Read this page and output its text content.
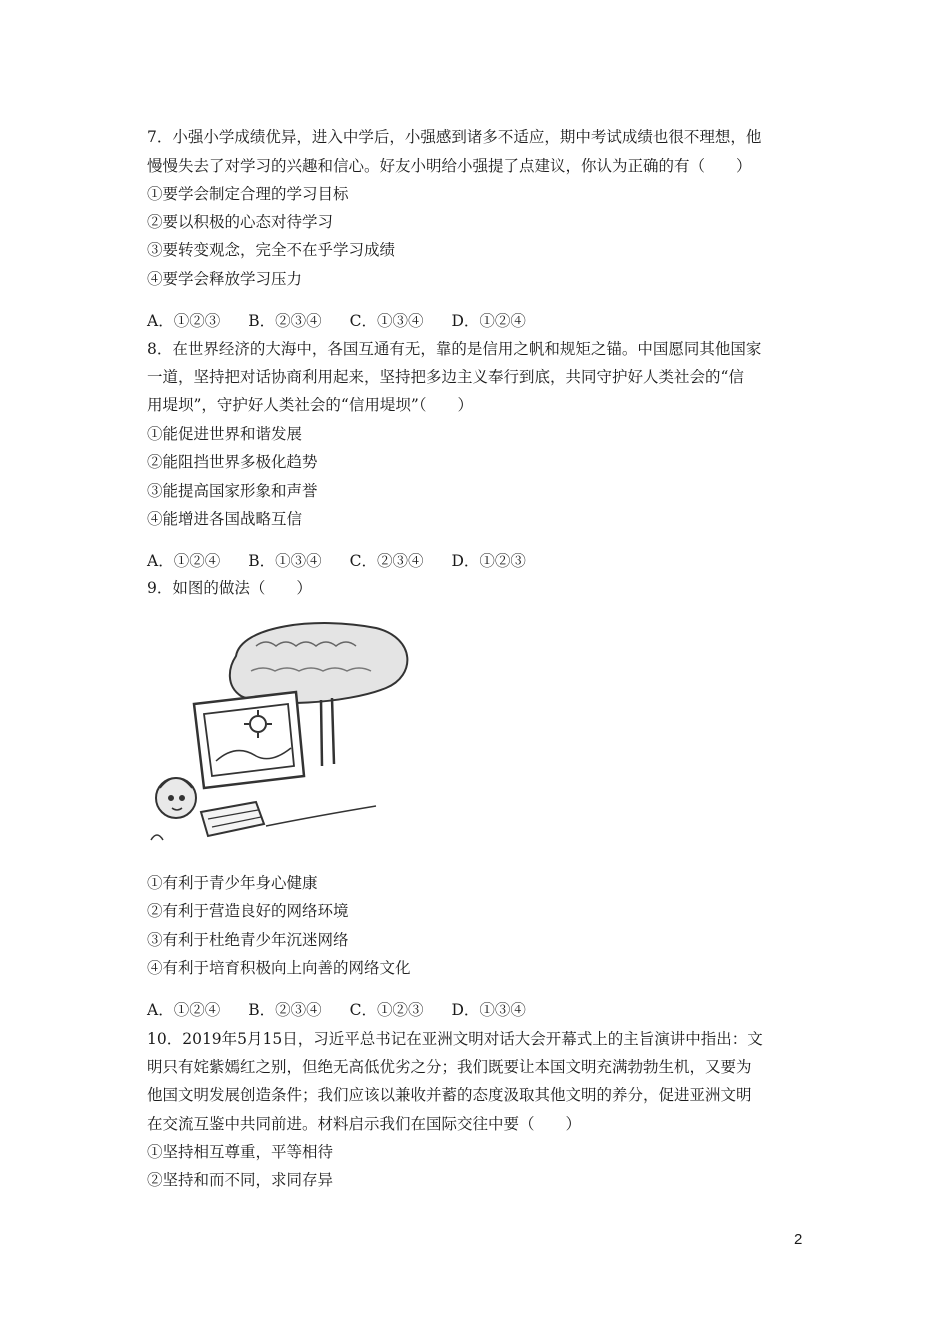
7．小强小学成绩优异，进入中学后，小强感到诸多不适应，期中考试成绩也很不理想，他
慢慢失去了对学习的兴趣和信心。好友小明给小强提了点建议，你认为正确的有（　　）
①要学会制定合理的学习目标
②要以积极的心态对待学习
③要转变观念，完全不在乎学习成绩
④要学会释放学习压力
A．①②③ B．②③④ C．①③④ D．①②④
8．在世界经济的大海中，各国互通有无，靠的是信用之帆和规矩之锚。中国愿同其他国家
一道，坚持把对话协商利用起来，坚持把多边主义奉行到底，共同守护好人类社会的“信
用堤坝”，守护好人类社会的“信用堤坝”（　　）
①能促进世界和谐发展
②能阻挡世界多极化趋势
③能提高国家形象和声誉
④能增进各国战略互信
A．①②④ B．①③④ C．②③④ D．①②③
9．如图的做法（　　）
①有利于青少年身心健康
②有利于营造良好的网络环境
③有利于杜绝青少年沉迷网络
④有利于培育积极向上向善的网络文化
A．①②④ B．②③④ C．①②③ D．①③④
10．2019年5月15日，习近平总书记在亚洲文明对话大会开幕式上的主旨演讲中指出：文
明只有姹紫嫣红之别，但绝无高低优劣之分；我们既要让本国文明充满勃勃生机，又要为
他国文明发展创造条件；我们应该以兼收并蓄的态度汲取其他文明的养分，促进亚洲文明
在交流互鉴中共同前进。材料启示我们在国际交往中要（　　）
①坚持相互尊重，平等相待
②坚持和而不同，求同存异
2
